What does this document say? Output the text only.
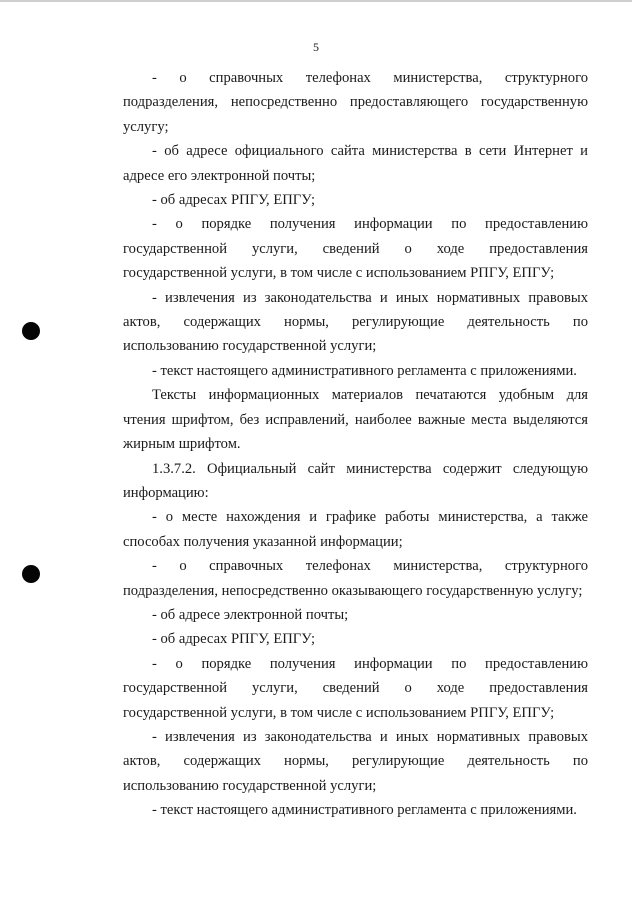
5

- о справочных телефонах министерства, структурного подразделения, непосредственно предоставляющего государственную услугу;

- об адресе официального сайта министерства в сети Интернет и адресе его электронной почты;

- об адресах РПГУ, ЕПГУ;

- о порядке получения информации по предоставлению государственной услуги, сведений о ходе предоставления государственной услуги, в том числе с использованием РПГУ, ЕПГУ;

- извлечения из законодательства и иных нормативных правовых актов, содержащих нормы, регулирующие деятельность по использованию государственной услуги;

- текст настоящего административного регламента с приложениями.

Тексты информационных материалов печатаются удобным для чтения шрифтом, без исправлений, наиболее важные места выделяются жирным шрифтом.

1.3.7.2. Официальный сайт министерства содержит следующую информацию:

- о месте нахождения и графике работы министерства, а также способах получения указанной информации;

- о справочных телефонах министерства, структурного подразделения, непосредственно оказывающего государственную услугу;

- об адресе электронной почты;

- об адресах РПГУ, ЕПГУ;

- о порядке получения информации по предоставлению государственной услуги, сведений о ходе предоставления государственной услуги, в том числе с использованием РПГУ, ЕПГУ;

- извлечения из законодательства и иных нормативных правовых актов, содержащих нормы, регулирующие деятельность по использованию государственной услуги;

- текст настоящего административного регламента с приложениями.
